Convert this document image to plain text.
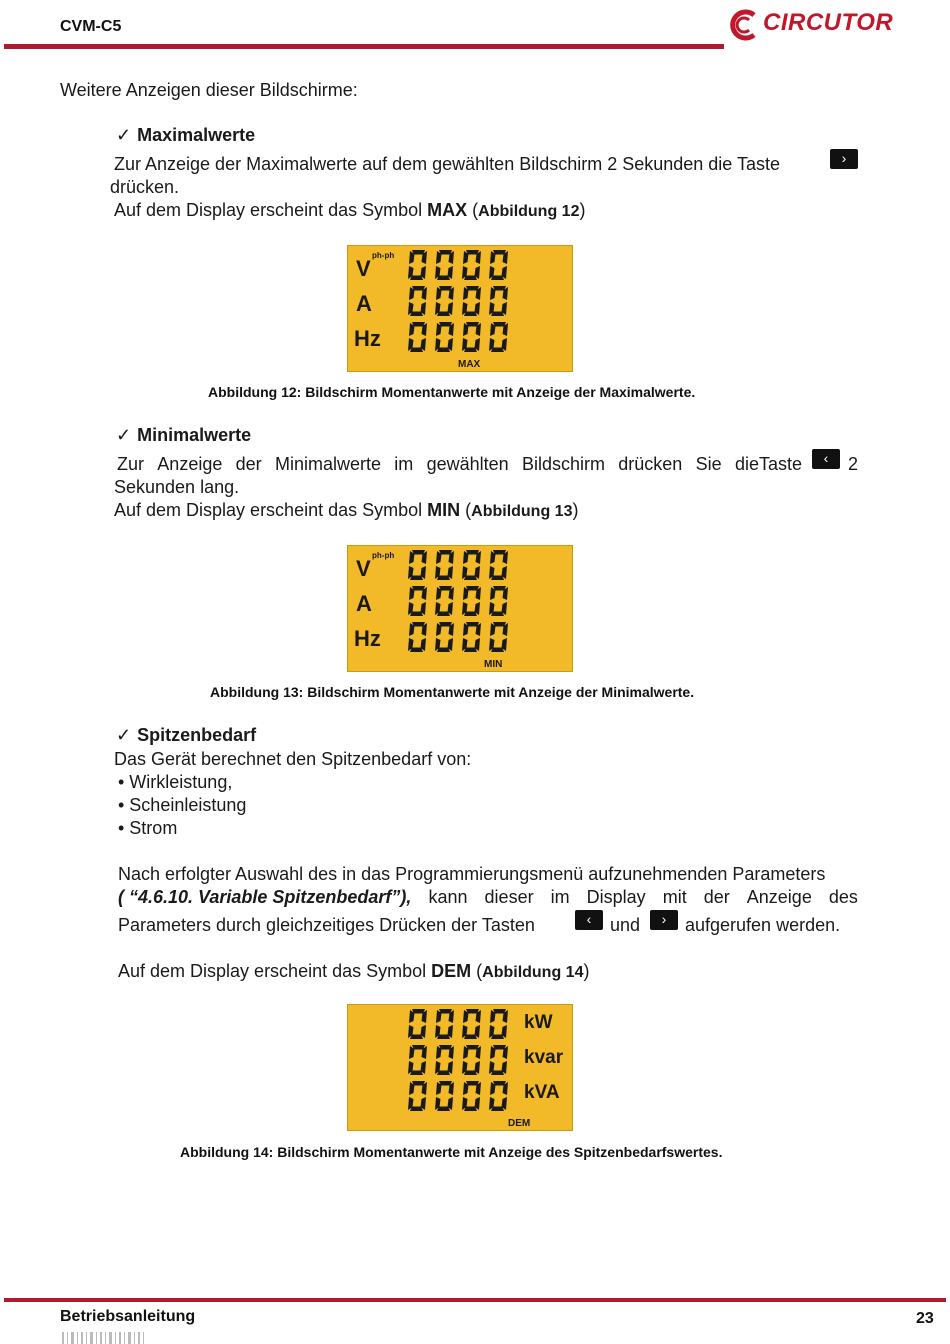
CVM-C5	CIRCUTOR
Weitere Anzeigen dieser Bildschirme:
✓ Maximalwerte
Zur Anzeige der Maximalwerte auf dem gewählten Bildschirm 2 Sekunden die Taste	›
drücken.
Auf dem Display erscheint das Symbol MAX (Abbildung 12)
V
ph-ph
A
Hz
MAX
Abbildung 12: Bildschirm Momentanwerte mit Anzeige der Maximalwerte.
✓ Minimalwerte
Zur Anzeige der Minimalwerte im gewählten Bildschirm drücken Sie dieTaste	‹	2
Sekunden lang.
Auf dem Display erscheint das Symbol MIN (Abbildung 13)
V
ph-ph
A
Hz
MIN
Abbildung 13: Bildschirm Momentanwerte mit Anzeige der Minimalwerte.
✓ Spitzenbedarf
Das Gerät berechnet den Spitzenbedarf von:
• Wirkleistung,
• Scheinleistung
• Strom
Nach erfolgter Auswahl des in das Programmierungsmenü aufzunehmenden Parameters
( “4.6.10. Variable Spitzenbedarf”), kann dieser im Display mit der Anzeige des
Parameters durch gleichzeitiges Drücken der Tasten	‹	und	›	aufgerufen werden.
Auf dem Display erscheint das Symbol DEM (Abbildung 14)
kW
kvar
kVA
DEM
Abbildung 14: Bildschirm Momentanwerte mit Anzeige des Spitzenbedarfswertes.
Betriebsanleitung	23
